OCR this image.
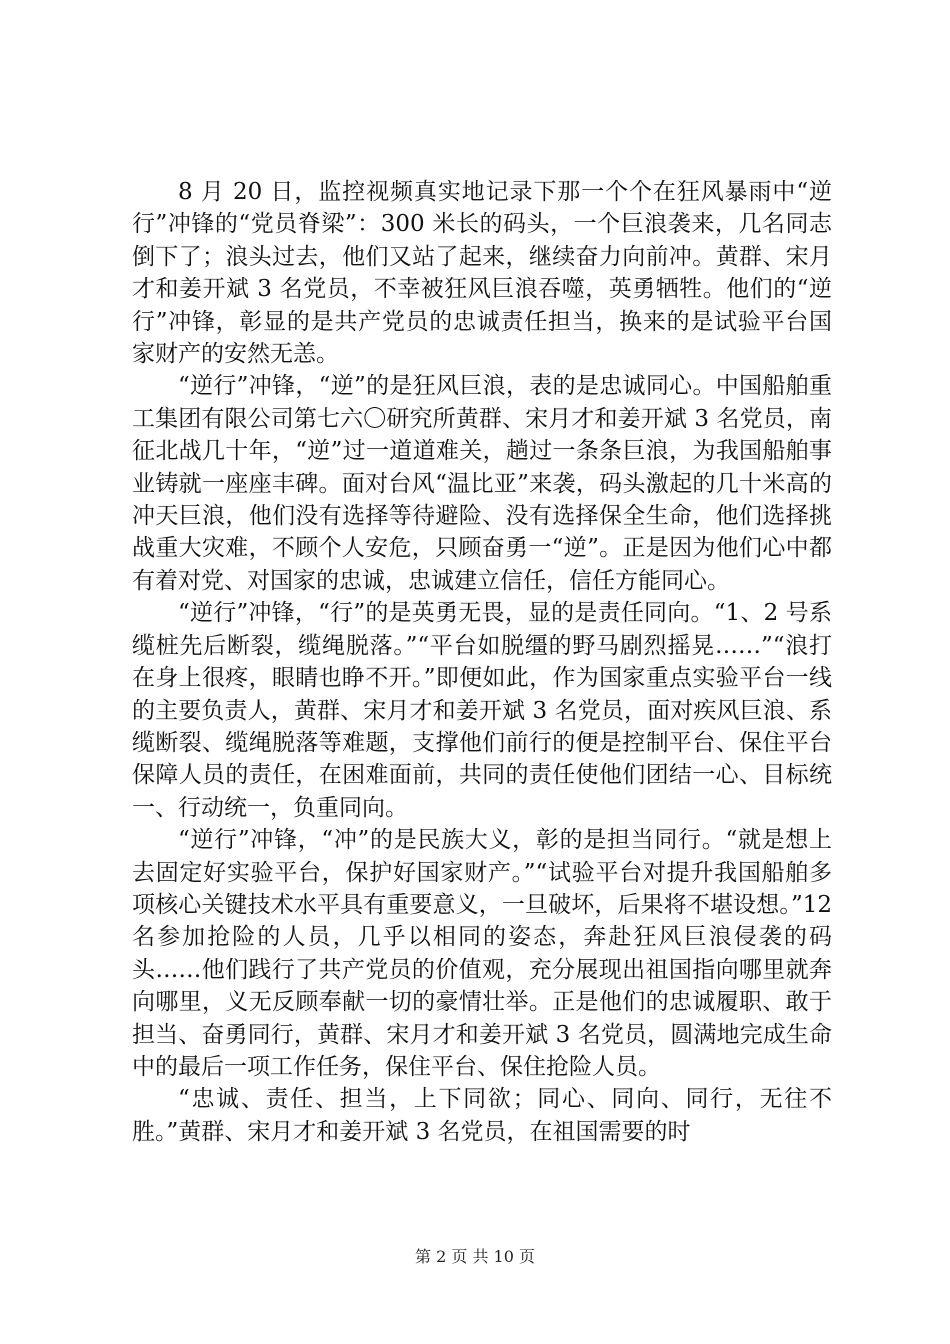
8 月 20 日，监控视频真实地记录下那一个个在狂风暴雨中“逆行”冲锋的“党员脊梁”：300 米长的码头，一个巨浪袭来，几名同志倒下了；浪头过去，他们又站了起来，继续奋力向前冲。黄群、宋月才和姜开斌 3 名党员，不幸被狂风巨浪吞噬，英勇牺牲。他们的“逆行”冲锋，彰显的是共产党员的忠诚责任担当，换来的是试验平台国家财产的安然无恙。

“逆行”冲锋，“逆”的是狂风巨浪，表的是忠诚同心。中国船舶重工集团有限公司第七六〇研究所黄群、宋月才和姜开斌 3 名党员，南征北战几十年，“逆”过一道道难关，趟过一条条巨浪，为我国船舶事业铸就一座座丰碑。面对台风“温比亚”来袭，码头激起的几十米高的冲天巨浪，他们没有选择等待避险、没有选择保全生命，他们选择挑战重大灾难，不顾个人安危，只顾奋勇一“逆”。正是因为他们心中都有着对党、对国家的忠诚，忠诚建立信任，信任方能同心。

“逆行”冲锋，“行”的是英勇无畏，显的是责任同向。“1、2 号系缆桩先后断裂，缆绳脱落。”“平台如脱缰的野马剧烈摇晃……”“浪打在身上很疼，眼睛也睁不开。”即便如此，作为国家重点实验平台一线的主要负责人，黄群、宋月才和姜开斌 3 名党员，面对疾风巨浪、系缆断裂、缆绳脱落等难题，支撑他们前行的便是控制平台、保住平台保障人员的责任，在困难面前，共同的责任使他们团结一心、目标统一、行动统一，负重同向。

“逆行”冲锋，“冲”的是民族大义，彰的是担当同行。“就是想上去固定好实验平台，保护好国家财产。”“试验平台对提升我国船舶多项核心关键技术水平具有重要意义，一旦破坏，后果将不堪设想。”12 名参加抢险的人员，几乎以相同的姿态，奔赴狂风巨浪侵袭的码头……他们践行了共产党员的价值观，充分展现出祖国指向哪里就奔向哪里，义无反顾奉献一切的豪情壮举。正是他们的忠诚履职、敢于担当、奋勇同行，黄群、宋月才和姜开斌 3 名党员，圆满地完成生命中的最后一项工作任务，保住平台、保住抢险人员。

“忠诚、责任、担当，上下同欲；同心、同向、同行，无往不胜。”黄群、宋月才和姜开斌 3 名党员，在祖国需要的时

第 2 页 共 10 页
